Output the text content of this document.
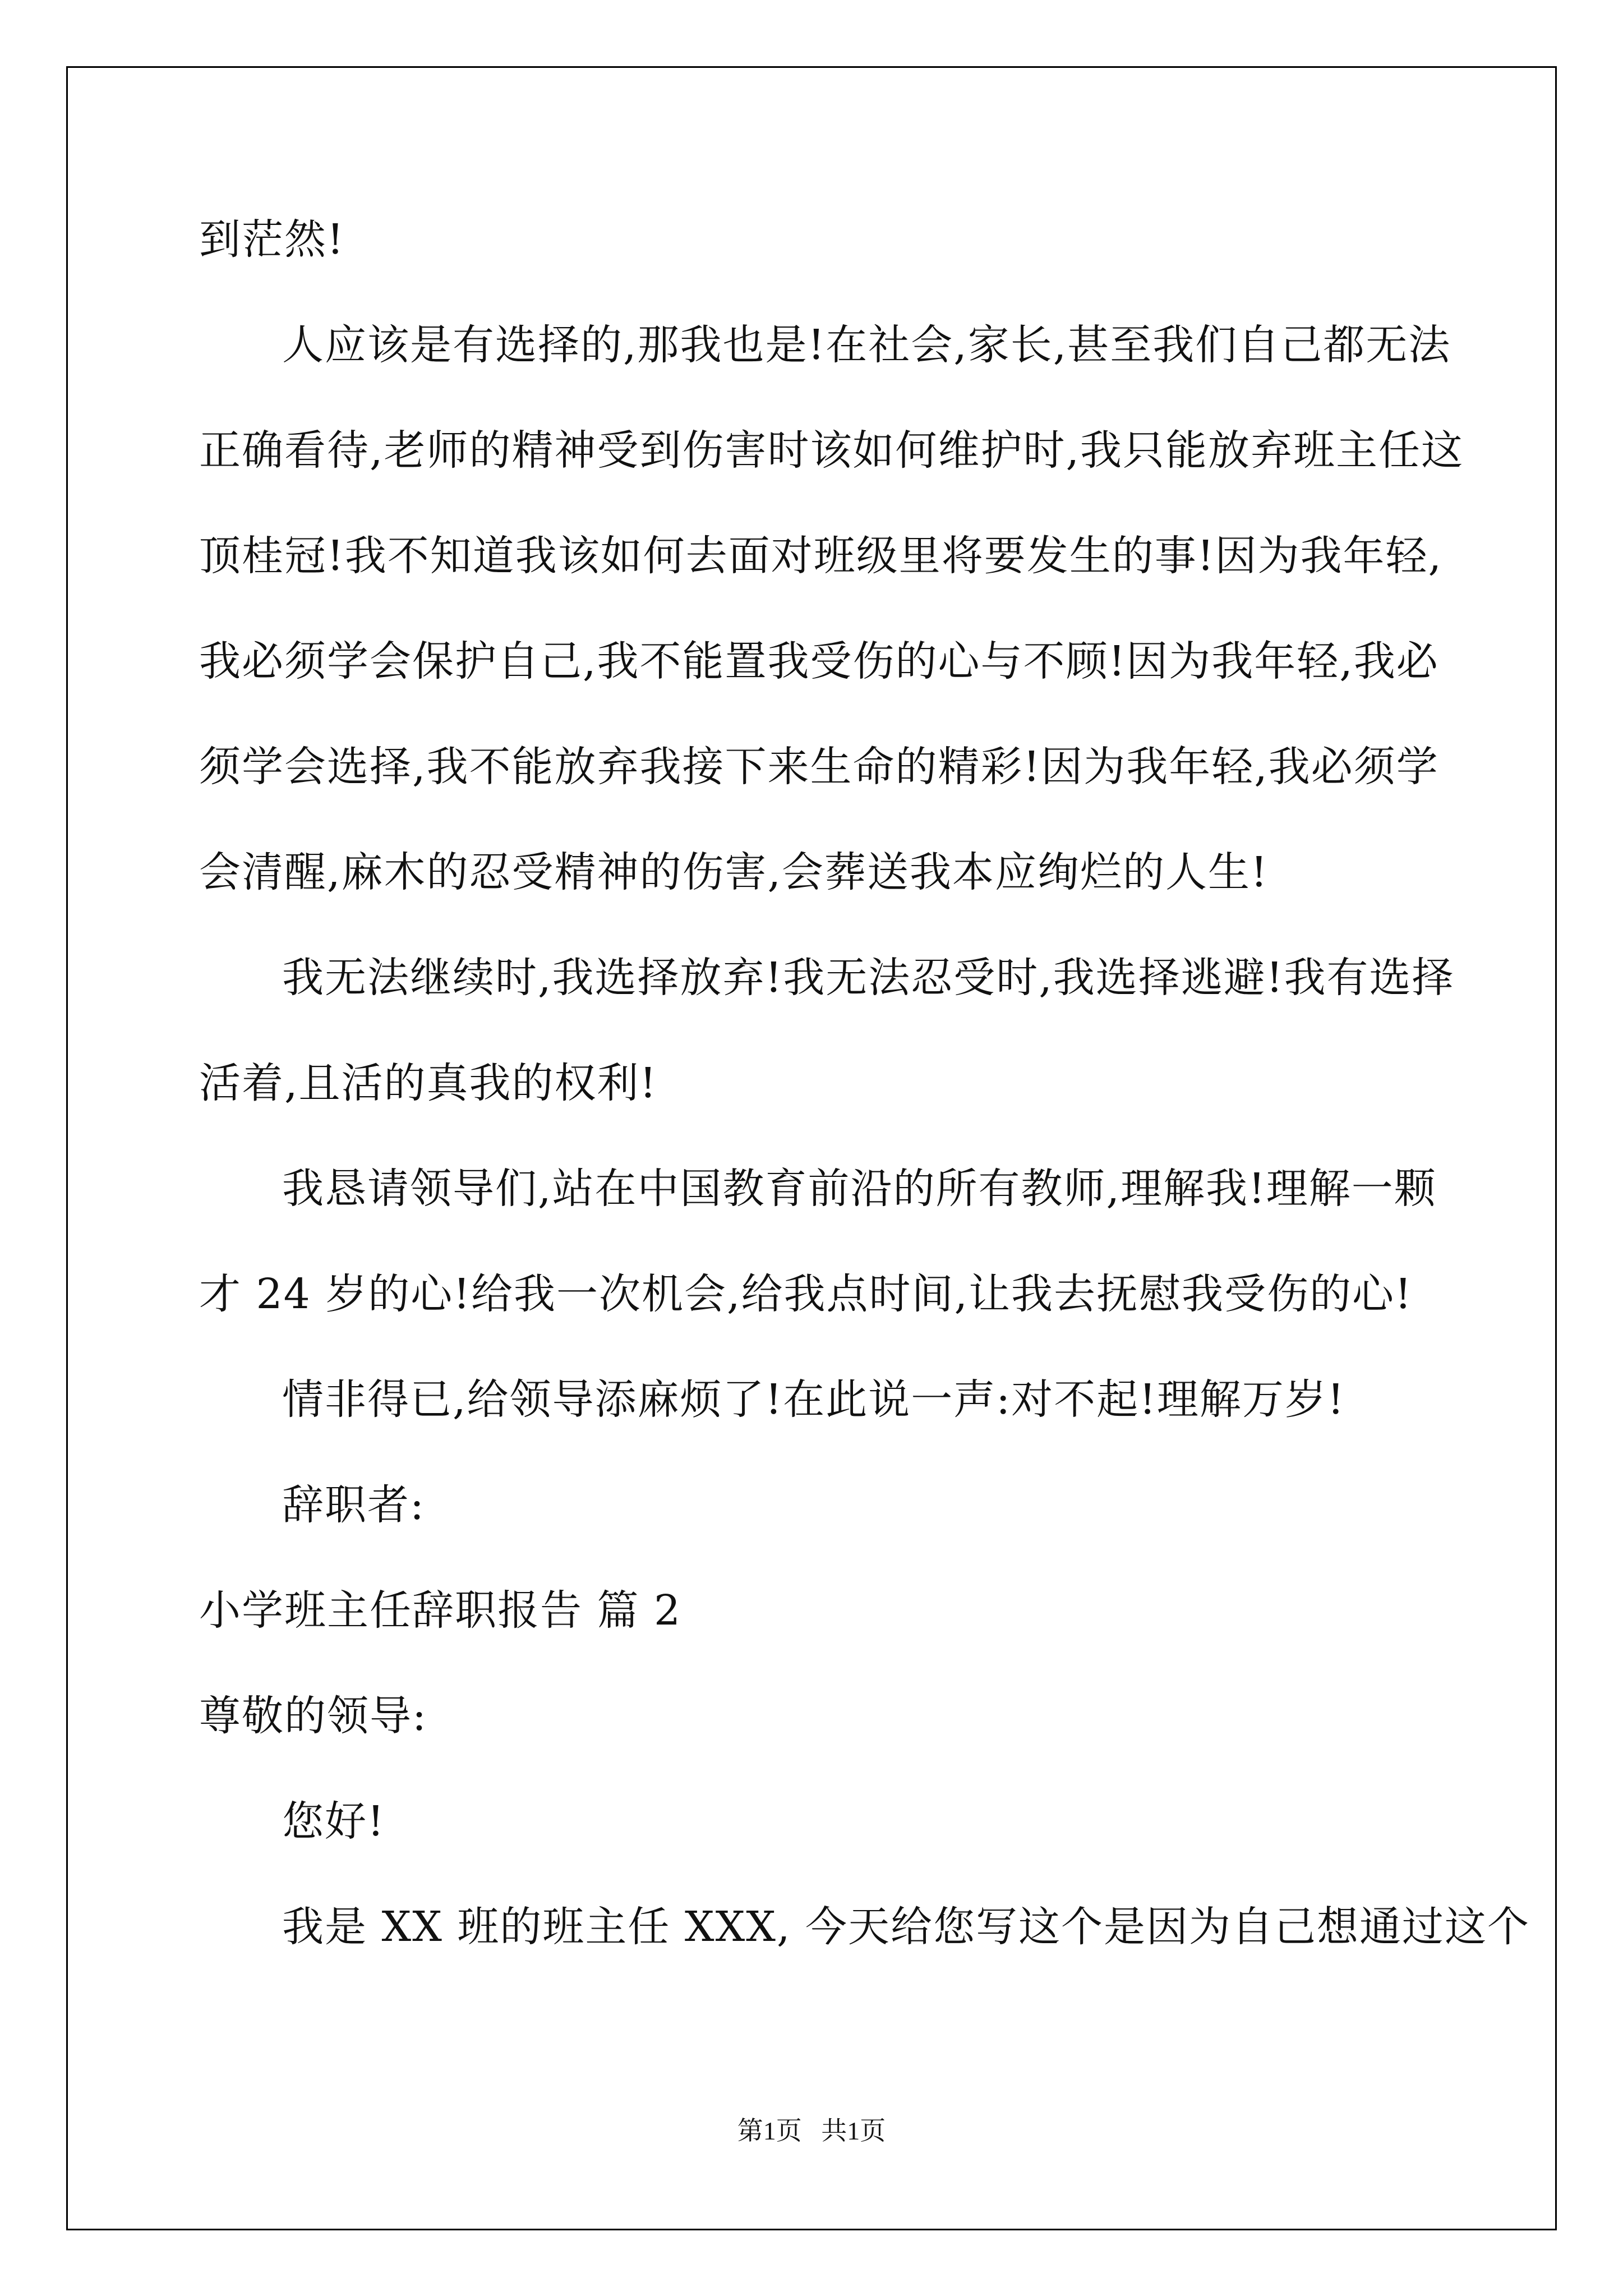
到茫然!
人应该是有选择的,那我也是!在社会,家长,甚至我们自己都无法
正确看待,老师的精神受到伤害时该如何维护时,我只能放弃班主任这
顶桂冠!我不知道我该如何去面对班级里将要发生的事!因为我年轻,
我必须学会保护自己,我不能置我受伤的心与不顾!因为我年轻,我必
须学会选择,我不能放弃我接下来生命的精彩!因为我年轻,我必须学
会清醒,麻木的忍受精神的伤害,会葬送我本应绚烂的人生!
我无法继续时,我选择放弃!我无法忍受时,我选择逃避!我有选择
活着,且活的真我的权利!
我恳请领导们,站在中国教育前沿的所有教师,理解我!理解一颗
才 24 岁的心!给我一次机会,给我点时间,让我去抚慰我受伤的心!
情非得已,给领导添麻烦了!在此说一声:对不起!理解万岁!
辞职者:
小学班主任辞职报告 篇 2
尊敬的领导:
您好!
我是 XX 班的班主任 XXX, 今天给您写这个是因为自己想通过这个
第1页 共1页
